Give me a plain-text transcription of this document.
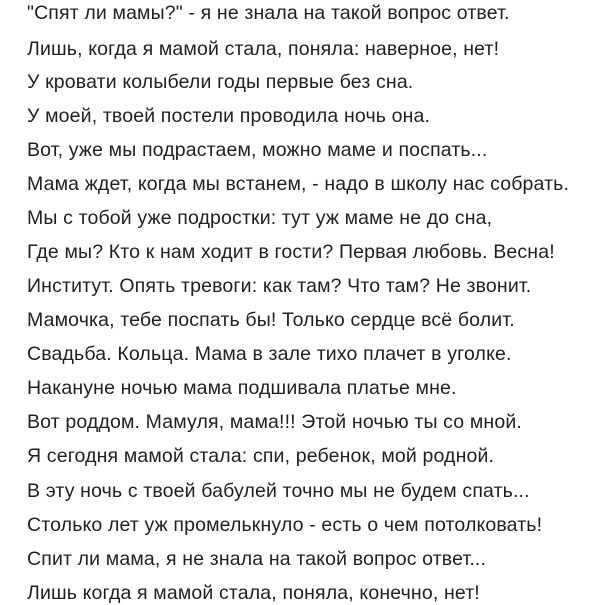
"Спят ли мамы?" - я не знала на такой вопрос ответ.
Лишь, когда я мамой стала, поняла: наверное, нет!
У кровати колыбели годы первые без сна.
У моей, твоей постели проводила ночь она.
Вот, уже мы подрастаем, можно маме и поспать...
Мама ждет, когда мы встанем, - надо в школу нас собрать.
Мы с тобой уже подростки: тут уж маме не до сна,
Где мы? Кто к нам ходит в гости? Первая любовь. Весна!
Институт. Опять тревоги: как там? Что там? Не звонит.
Мамочка, тебе поспать бы! Только сердце всё болит.
Свадьба. Кольца. Мама в зале тихо плачет в уголке.
Накануне ночью мама подшивала платье мне.
Вот роддом. Мамуля, мама!!! Этой ночью ты со мной.
Я сегодня мамой стала: спи, ребенок, мой родной.
В эту ночь с твоей бабулей точно мы не будем спать...
Столько лет уж промелькнуло - есть о чем потолковать!
Спит ли мама, я не знала на такой вопрос ответ...
Лишь когда я мамой стала, поняла, конечно, нет!
